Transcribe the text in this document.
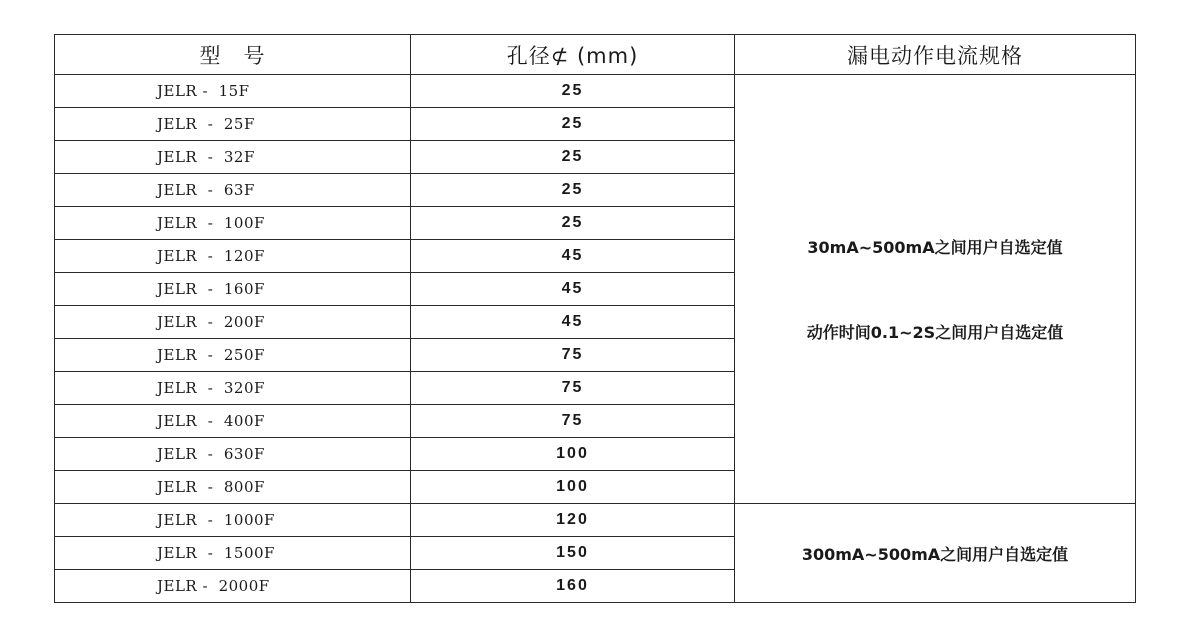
型　号	孔径⊄ (mm)	漏电动作电流规格
JELR -  15F	25	30mA~500mA之间用户自选定值
动作时间0.1~2S之间用户自选定值

JELR  -  25F	25	
JELR  -  32F	25	
JELR  -  63F	25	
JELR  -  100F	25	
JELR  -  120F	45	
JELR  -  160F	45	
JELR  -  200F	45	
JELR  -  250F	75	
JELR  -  320F	75	
JELR  -  400F	75	
JELR  -  630F	100	
JELR  -  800F	100	
JELR  -  1000F	120	300mA~500mA之间用户自选定值

JELR  -  1500F	150	
JELR -  2000F	160	
